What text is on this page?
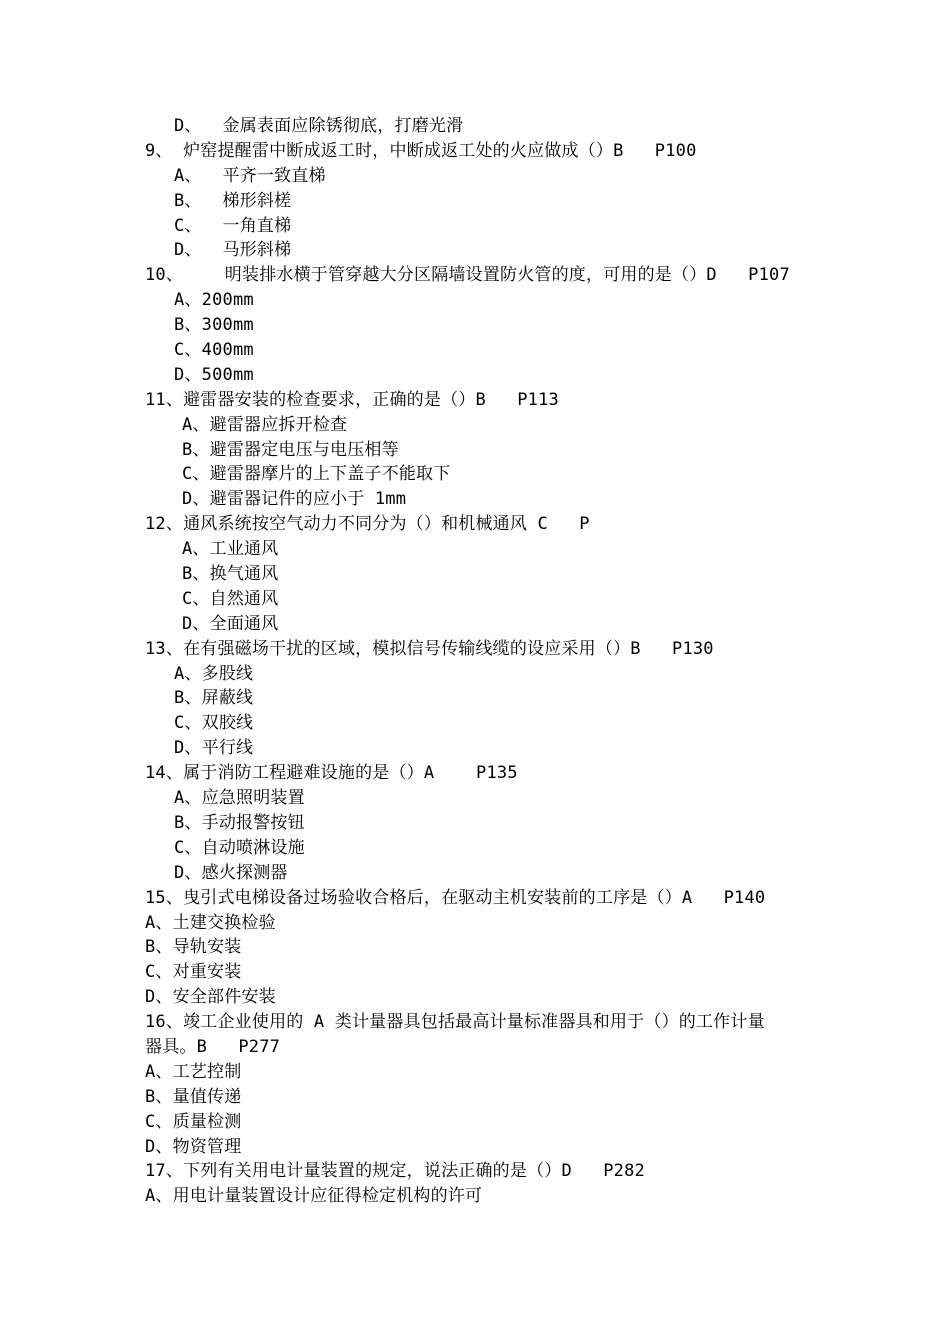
D、  金属表面应除锈彻底，打磨光滑
9、 炉窑提醒雷中断成返工时，中断成返工处的火应做成（）B   P100
A、  平齐一致直梯
B、  梯形斜槎
C、  一角直梯
D、  马形斜梯
10、    明装排水横于管穿越大分区隔墙设置防火管的度，可用的是（）D   P107
A、200mm
B、300mm
C、400mm
D、500mm
11、避雷器安装的检查要求，正确的是（）B   P113
A、避雷器应拆开检查
B、避雷器定电压与电压相等
C、避雷器摩片的上下盖子不能取下
D、避雷器记件的应小于 1mm
12、通风系统按空气动力不同分为（）和机械通风 C   P
A、工业通风
B、换气通风
C、自然通风
D、全面通风
13、在有强磁场干扰的区域，模拟信号传输线缆的设应采用（）B   P130
A、多股线
B、屏蔽线
C、双胶线
D、平行线
14、属于消防工程避难设施的是（）A    P135
A、应急照明装置
B、手动报警按钮
C、自动喷淋设施
D、感火探测器
15、曳引式电梯设备过场验收合格后，在驱动主机安装前的工序是（）A   P140
A、土建交换检验
B、导轨安装
C、对重安装
D、安全部件安装
16、竣工企业使用的 A 类计量器具包括最高计量标准器具和用于（）的工作计量
器具。B   P277
A、工艺控制
B、量值传递
C、质量检测
D、物资管理
17、下列有关用电计量装置的规定，说法正确的是（）D   P282
A、用电计量装置设计应征得检定机构的许可
